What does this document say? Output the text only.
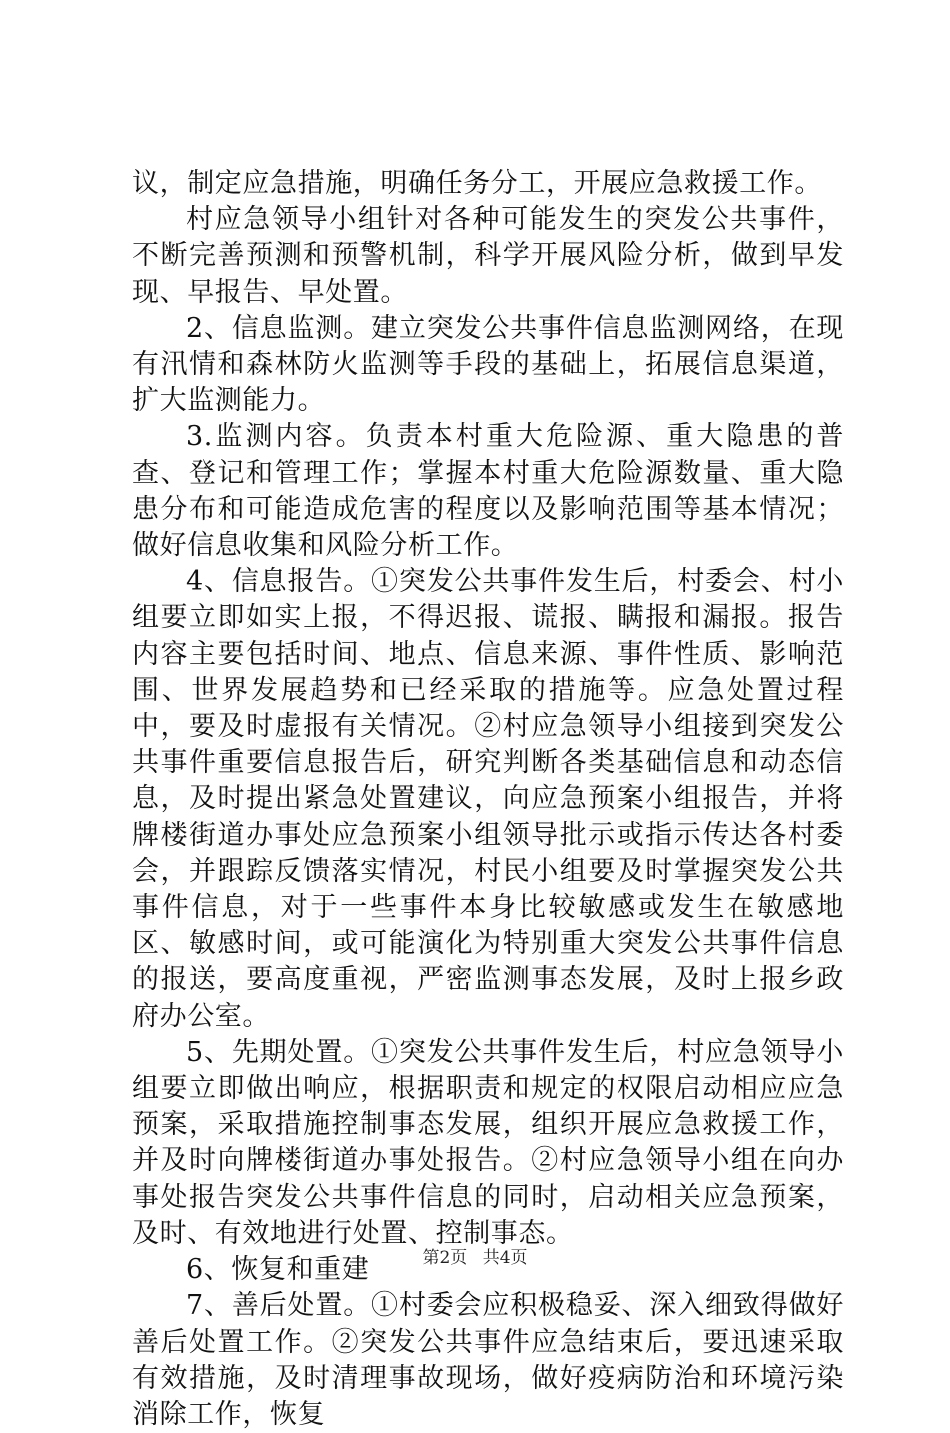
议，制定应急措施，明确任务分工，开展应急救援工作。

村应急领导小组针对各种可能发生的突发公共事件，不断完善预测和预警机制，科学开展风险分析，做到早发现、早报告、早处置。

2、信息监测。建立突发公共事件信息监测网络，在现有汛情和森林防火监测等手段的基础上，拓展信息渠道，扩大监测能力。

3.监测内容。负责本村重大危险源、重大隐患的普查、登记和管理工作；掌握本村重大危险源数量、重大隐患分布和可能造成危害的程度以及影响范围等基本情况；做好信息收集和风险分析工作。

4、信息报告。①突发公共事件发生后，村委会、村小组要立即如实上报，不得迟报、谎报、瞒报和漏报。报告内容主要包括时间、地点、信息来源、事件性质、影响范围、世界发展趋势和已经采取的措施等。应急处置过程中，要及时虚报有关情况。②村应急领导小组接到突发公共事件重要信息报告后，研究判断各类基础信息和动态信息，及时提出紧急处置建议，向应急预案小组报告，并将牌楼街道办事处应急预案小组领导批示或指示传达各村委会，并跟踪反馈落实情况，村民小组要及时掌握突发公共事件信息，对于一些事件本身比较敏感或发生在敏感地区、敏感时间，或可能演化为特别重大突发公共事件信息的报送，要高度重视，严密监测事态发展，及时上报乡政府办公室。

5、先期处置。①突发公共事件发生后，村应急领导小组要立即做出响应，根据职责和规定的权限启动相应应急预案，采取措施控制事态发展，组织开展应急救援工作，并及时向牌楼街道办事处报告。②村应急领导小组在向办事处报告突发公共事件信息的同时，启动相关应急预案，及时、有效地进行处置、控制事态。

6、恢复和重建

7、善后处置。①村委会应积极稳妥、深入细致得做好善后处置工作。②突发公共事件应急结束后，要迅速采取有效措施，及时清理事故现场，做好疫病防治和环境污染消除工作，恢复

第2页 共4页
